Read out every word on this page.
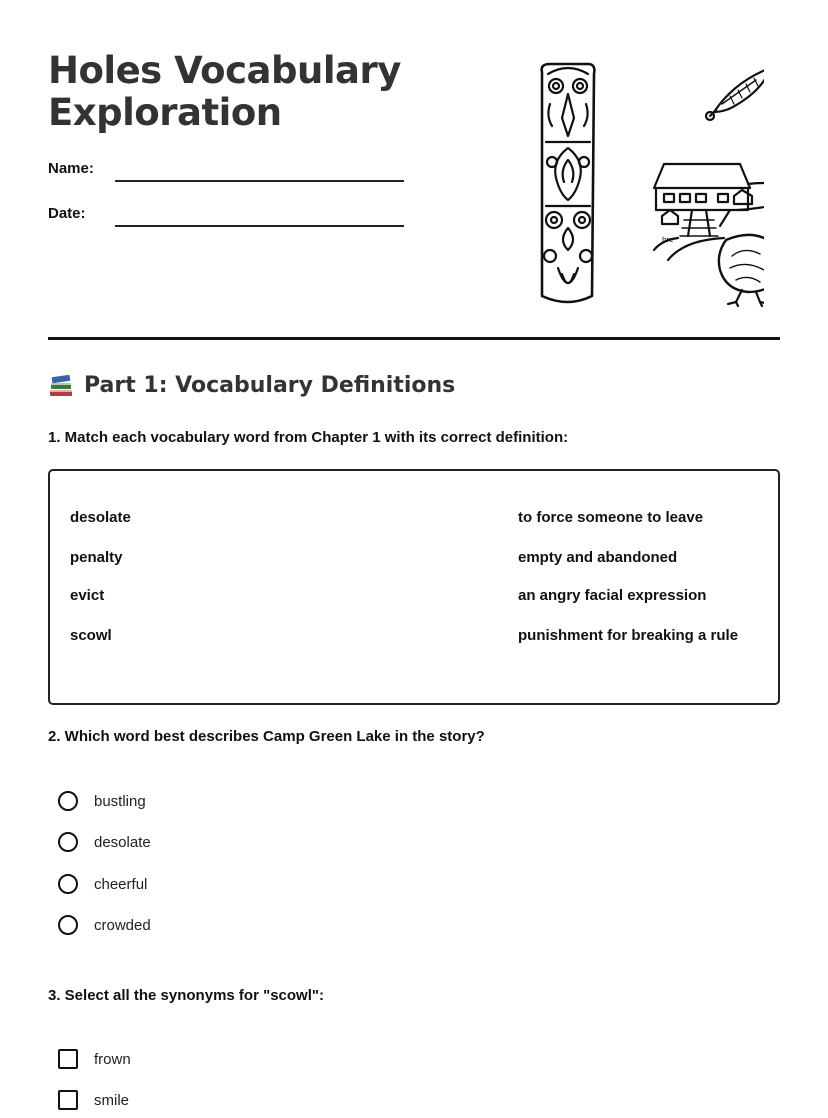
Holes Vocabulary
Exploration
Name:
Date:
hre
Part 1: Vocabulary Definitions
1. Match each vocabulary word from Chapter 1 with its correct definition:
desolate
penalty
evict
scowl
to force someone to leave
empty and abandoned
an angry facial expression
punishment for breaking a rule
2. Which word best describes Camp Green Lake in the story?
bustling
desolate
cheerful
crowded
3. Select all the synonyms for "scowl":
frown
smile
